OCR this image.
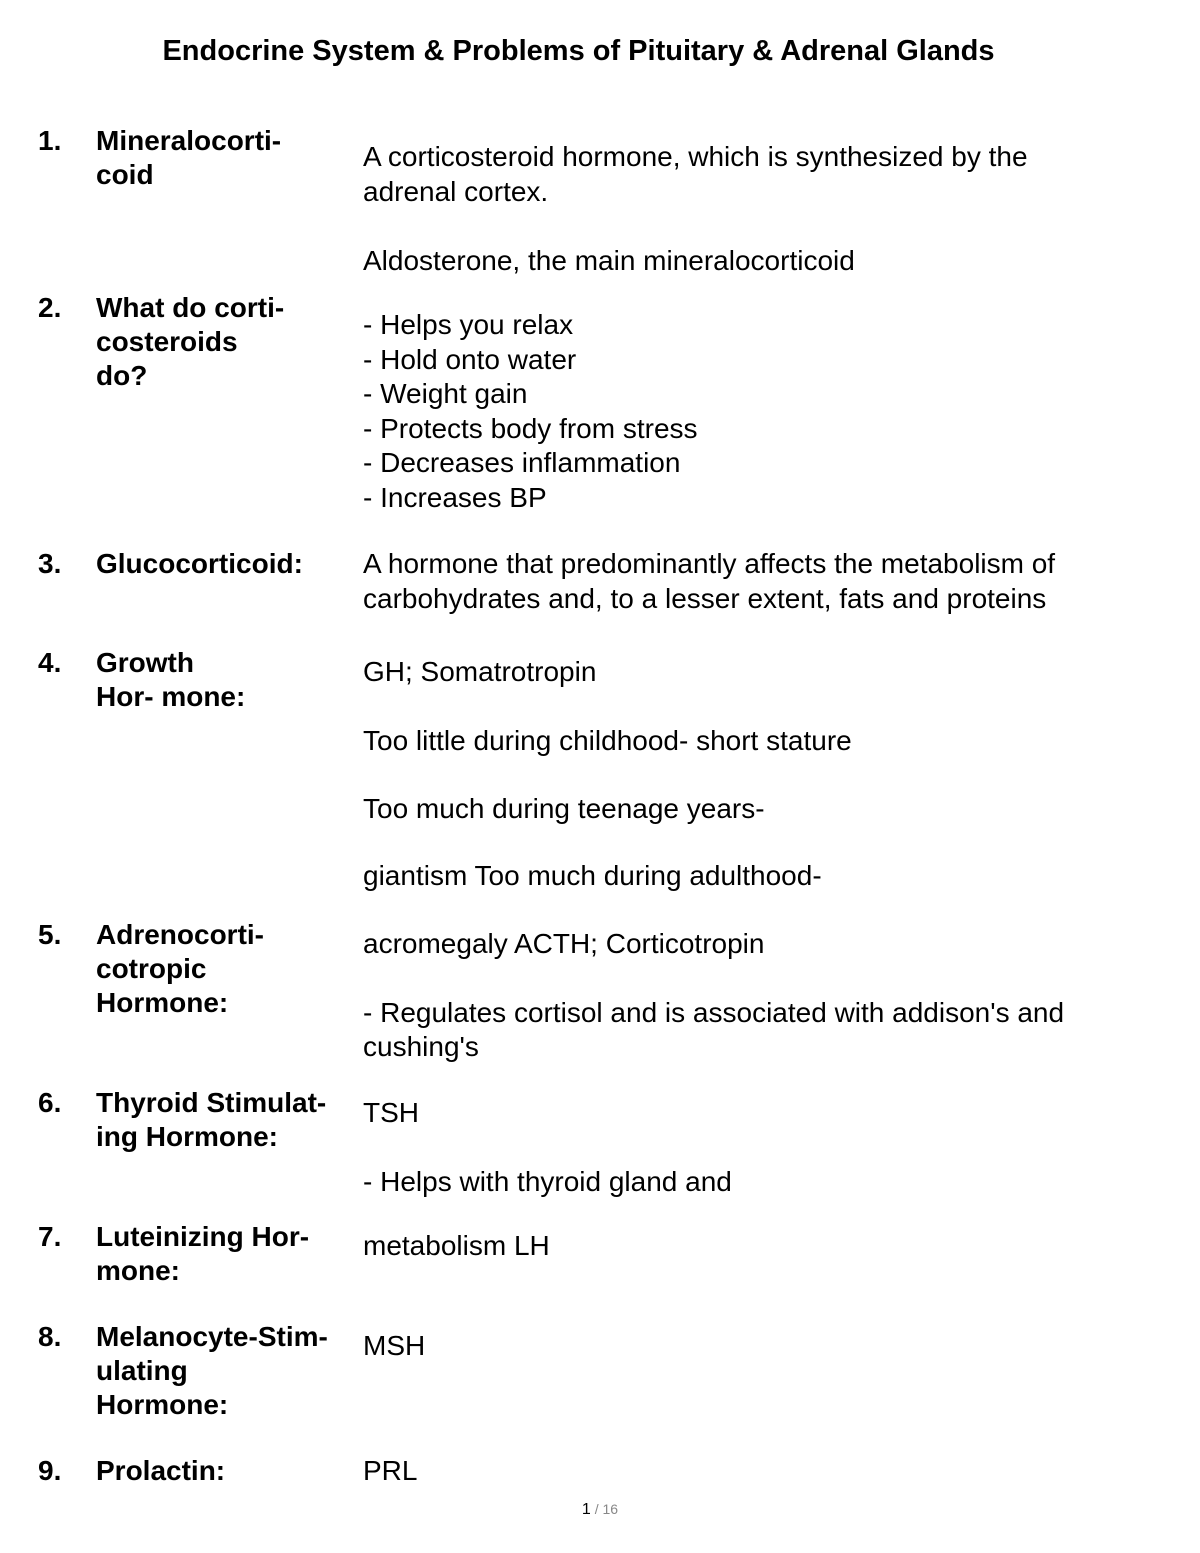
Endocrine System & Problems of Pituitary & Adrenal Glands
1. Mineralocorti-
coid
A corticosteroid hormone, which is synthesized by the
adrenal cortex.
Aldosterone, the main mineralocorticoid
2. What do corti-
costeroids
do?
- Helps you relax
- Hold onto water
- Weight gain
- Protects body from stress
- Decreases inflammation
- Increases BP
3. Glucocorticoid:	A hormone that predominantly affects the metabolism of
carbohydrates and, to a lesser extent, fats and proteins
4. Growth
Hor- mone:
GH; Somatrotropin
Too little during childhood- short stature
Too much during teenage years-
giantism Too much during adulthood-
5. Adrenocorti-
cotropic
Hormone:
acromegaly ACTH; Corticotropin
- Regulates cortisol and is associated with addison's and
cushing's
6. Thyroid Stimulat-
ing Hormone:
TSH
- Helps with thyroid gland and
7. Luteinizing Hor-
mone:
metabolism LH
8. Melanocyte-Stim-
ulating
Hormone:
MSH
9. Prolactin:	PRL
1 / 16
